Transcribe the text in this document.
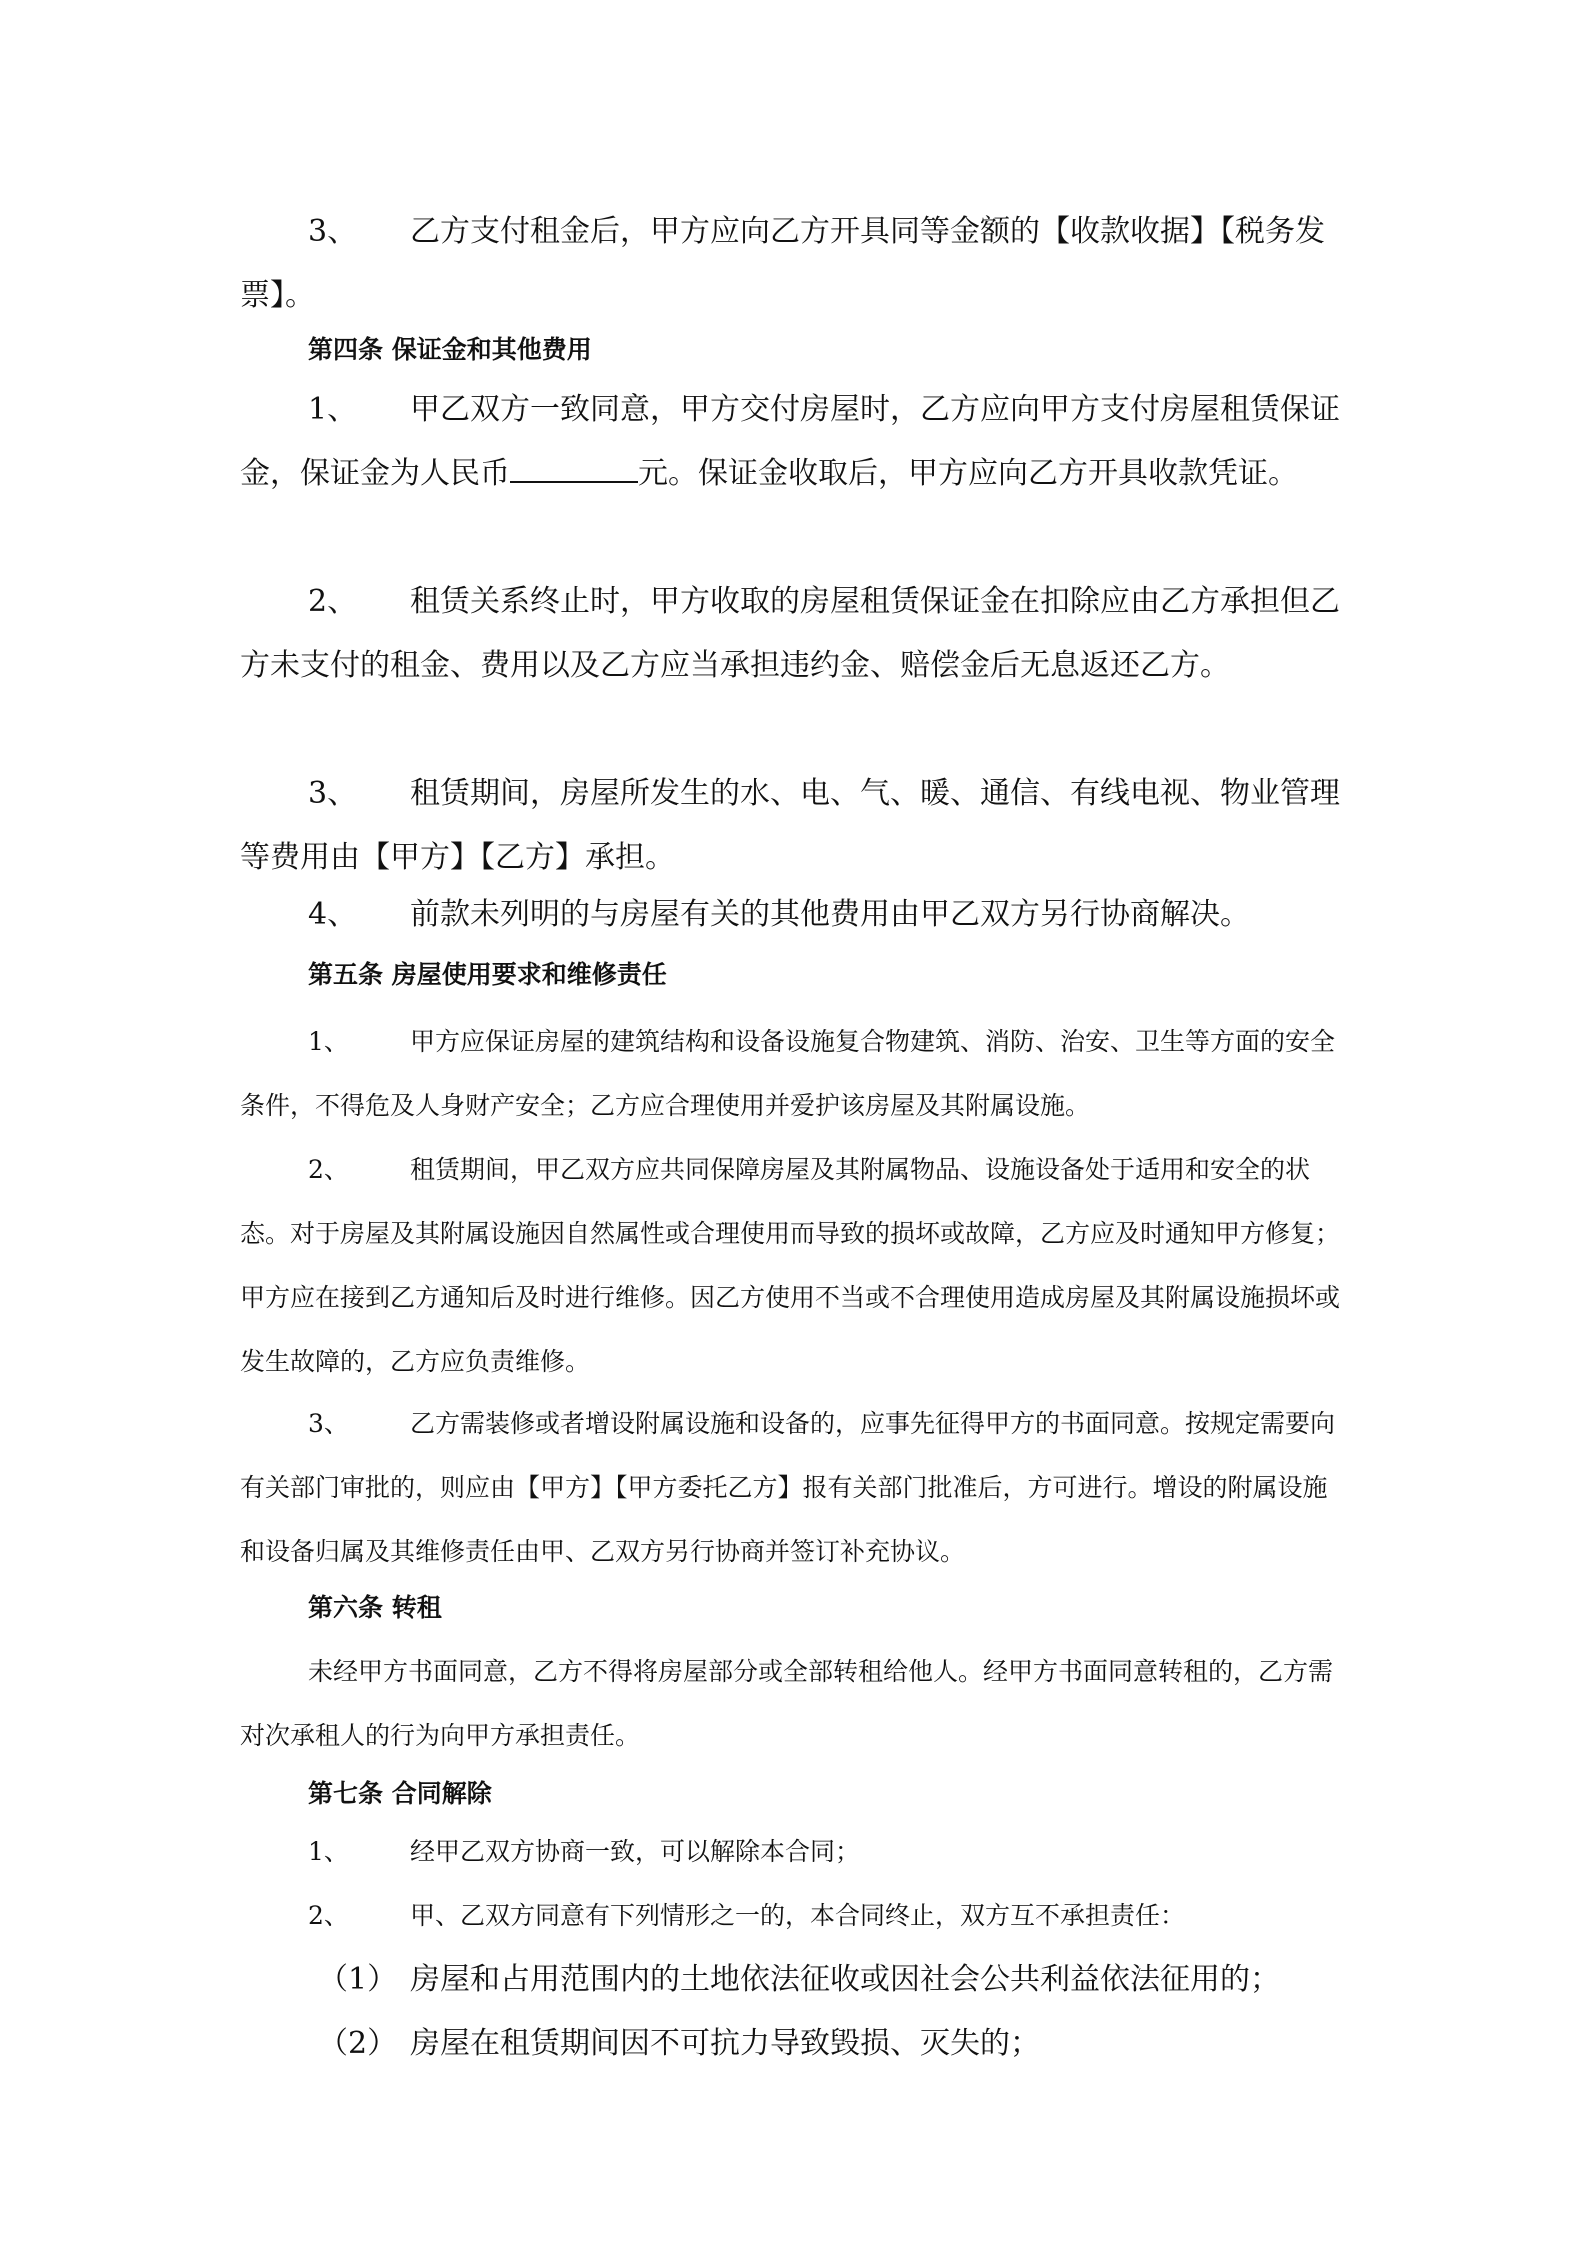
3、 乙方支付租金后，甲方应向乙方开具同等金额的【收款收据】【税务发票】。

第四条 保证金和其他费用

1、 甲乙双方一致同意，甲方交付房屋时，乙方应向甲方支付房屋租赁保证金，保证金为人民币	元。保证金收取后，甲方应向乙方开具收款凭证。

2、 租赁关系终止时，甲方收取的房屋租赁保证金在扣除应由乙方承担但乙方未支付的租金、费用以及乙方应当承担违约金、赔偿金后无息返还乙方。

3、 租赁期间，房屋所发生的水、电、气、暖、通信、有线电视、物业管理等费用由【甲方】【乙方】承担。

4、 前款未列明的与房屋有关的其他费用由甲乙双方另行协商解决。

第五条 房屋使用要求和维修责任

1、 甲方应保证房屋的建筑结构和设备设施复合物建筑、消防、治安、卫生等方面的安全条件，不得危及人身财产安全；乙方应合理使用并爱护该房屋及其附属设施。

2、 租赁期间，甲乙双方应共同保障房屋及其附属物品、设施设备处于适用和安全的状态。对于房屋及其附属设施因自然属性或合理使用而导致的损坏或故障，乙方应及时通知甲方修复；甲方应在接到乙方通知后及时进行维修。因乙方使用不当或不合理使用造成房屋及其附属设施损坏或发生故障的，乙方应负责维修。

3、 乙方需装修或者增设附属设施和设备的，应事先征得甲方的书面同意。按规定需要向有关部门审批的，则应由【甲方】【甲方委托乙方】报有关部门批准后，方可进行。增设的附属设施和设备归属及其维修责任由甲、乙双方另行协商并签订补充协议。

第六条 转租

未经甲方书面同意，乙方不得将房屋部分或全部转租给他人。经甲方书面同意转租的，乙方需对次承租人的行为向甲方承担责任。

第七条 合同解除

1、 经甲乙双方协商一致，可以解除本合同；

2、 甲、乙双方同意有下列情形之一的，本合同终止，双方互不承担责任：

（1） 房屋和占用范围内的土地依法征收或因社会公共利益依法征用的；

（2） 房屋在租赁期间因不可抗力导致毁损、灭失的；
